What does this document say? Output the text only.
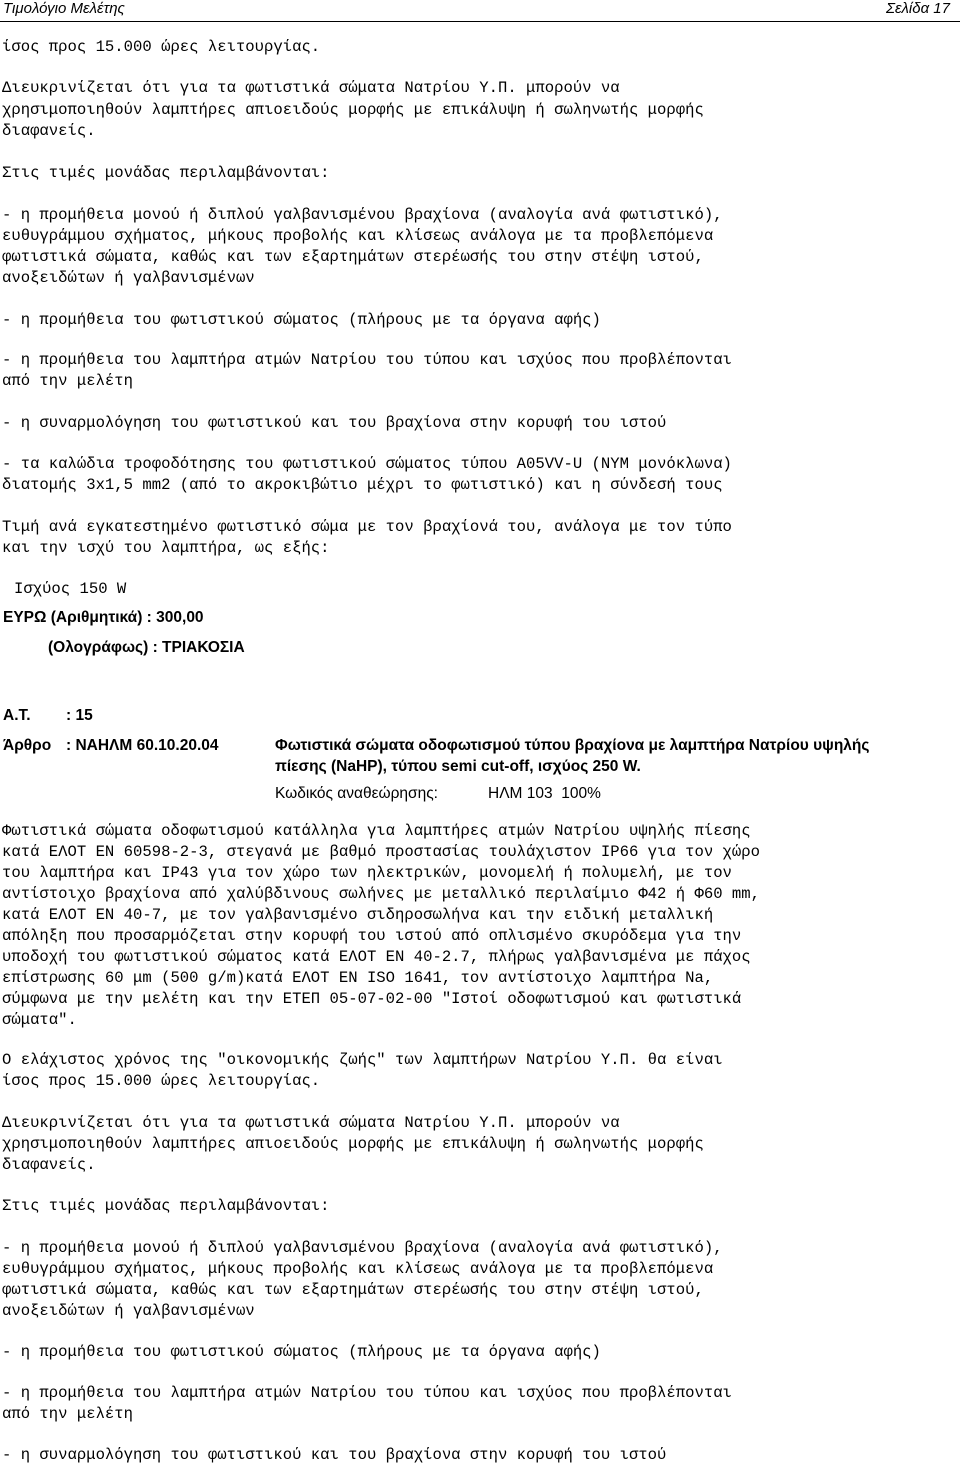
Τιμολόγιο Μελέτης	Σελίδα 17
ίσος προς 15.000 ώρες λειτουργίας.
Διευκρινίζεται ότι για τα φωτιστικά σώματα Νατρίου Υ.Π. μπορούν να
χρησιμοποιηθούν λαμπτήρες απιοειδούς μορφής με επικάλυψη ή σωληνωτής μορφής
διαφανείς.
Στις τιμές μονάδας περιλαμβάνονται:
- η προμήθεια μονού ή διπλού γαλβανισμένου βραχίονα (αναλογία ανά φωτιστικό),
ευθυγράμμου σχήματος, μήκους προβολής και κλίσεως ανάλογα με τα προβλεπόμενα
φωτιστικά σώματα, καθώς και των εξαρτημάτων στερέωσής του στην στέψη ιστού,
ανοξειδώτων ή γαλβανισμένων
- η προμήθεια του φωτιστικού σώματος (πλήρους με τα όργανα αφής)
- η προμήθεια του λαμπτήρα ατμών Νατρίου του τύπου και ισχύος που προβλέπονται
από την μελέτη
- η συναρμολόγηση του φωτιστικού και του βραχίονα στην κορυφή του ιστού
- τα καλώδια τροφοδότησης του φωτιστικού σώματος τύπου A05VV-U (NYM μονόκλωνα)
διατομής 3x1,5 mm2 (από το ακροκιβώτιο μέχρι το φωτιστικό) και η σύνδεσή τους
Τιμή ανά εγκατεστημένο φωτιστικό σώμα με τον βραχίονά του, ανάλογα με τον τύπο
και την ισχύ του λαμπτήρα, ως εξής:
Ισχύος 150 W
ΕΥΡΩ (Αριθμητικά) : 300,00
(Ολογράφως) : ΤΡΙΑΚΟΣΙΑ
Α.Τ. : 15
Άρθρο : ΝΑΗΛΜ 60.10.20.04	Φωτιστικά σώματα οδοφωτισμού τύπου βραχίονα με λαμπτήρα Νατρίου υψηλής
πίεσης (NaHP), τύπου semi cut-off, ισχύος 250 W.
Κωδικός αναθεώρησης:	ΗΛΜ 103  100%
Φωτιστικά σώματα οδοφωτισμού κατάλληλα για λαμπτήρες ατμών Νατρίου υψηλής πίεσης
κατά ΕΛΟΤ ΕΝ 60598-2-3, στεγανά με βαθμό προστασίας τουλάχιστον ΙΡ66 για τον χώρο
του λαμπτήρα και ΙΡ43 για τον χώρο των ηλεκτρικών, μονομελή ή πολυμελή, με τον
αντίστοιχο βραχίονα από χαλύβδινους σωλήνες με μεταλλικό περιλαίμιο Φ42 ή Φ60 mm,
κατά ΕΛΟΤ ΕΝ 40-7, με τον γαλβανισμένο σιδηροσωλήνα και την ειδική μεταλλική
απόληξη που προσαρμόζεται στην κορυφή του ιστού από οπλισμένο σκυρόδεμα για την
υποδοχή του φωτιστικού σώματος κατά ΕΛΟΤ ΕΝ 40-2.7, πλήρως γαλβανισμένα με πάχος
επίστρωσης 60 μm (500 g/m)κατά ΕΛΟΤ ΕΝ ISO 1641, τον αντίστοιχο λαμπτήρα Na,
σύμφωνα με την μελέτη και την ΕΤΕΠ 05-07-02-00 "Ιστοί οδοφωτισμού και φωτιστικά
σώματα".
Ο ελάχιστος χρόνος της "οικονομικής ζωής" των λαμπτήρων Νατρίου Υ.Π. θα είναι
ίσος προς 15.000 ώρες λειτουργίας.
Διευκρινίζεται ότι για τα φωτιστικά σώματα Νατρίου Υ.Π. μπορούν να
χρησιμοποιηθούν λαμπτήρες απιοειδούς μορφής με επικάλυψη ή σωληνωτής μορφής
διαφανείς.
Στις τιμές μονάδας περιλαμβάνονται:
- η προμήθεια μονού ή διπλού γαλβανισμένου βραχίονα (αναλογία ανά φωτιστικό),
ευθυγράμμου σχήματος, μήκους προβολής και κλίσεως ανάλογα με τα προβλεπόμενα
φωτιστικά σώματα, καθώς και των εξαρτημάτων στερέωσής του στην στέψη ιστού,
ανοξειδώτων ή γαλβανισμένων
- η προμήθεια του φωτιστικού σώματος (πλήρους με τα όργανα αφής)
- η προμήθεια του λαμπτήρα ατμών Νατρίου του τύπου και ισχύος που προβλέπονται
από την μελέτη
- η συναρμολόγηση του φωτιστικού και του βραχίονα στην κορυφή του ιστού
